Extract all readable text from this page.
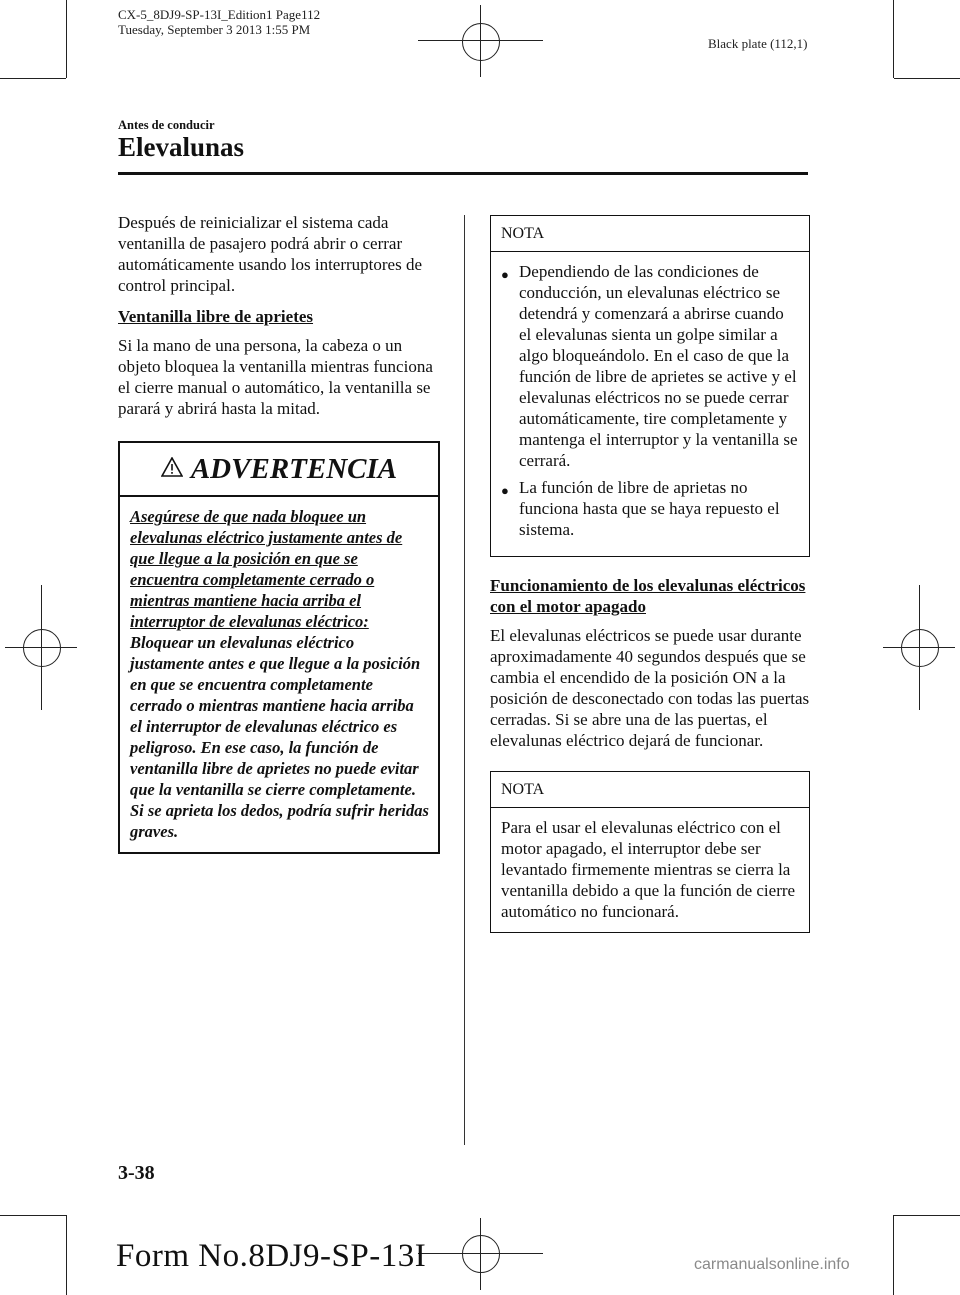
CX-5_8DJ9-SP-13I_Edition1 Page112
Tuesday, September 3 2013 1:55 PM
Black plate (112,1)
Antes de conducir
Elevalunas

Después de reinicializar el sistema cada ventanilla de pasajero podrá abrir o cerrar automáticamente usando los interruptores de control principal.

Ventanilla libre de aprietes

Si la mano de una persona, la cabeza o un objeto bloquea la ventanilla mientras funciona el cierre manual o automático, la ventanilla se parará y abrirá hasta la mitad.

ADVERTENCIA
Asegúrese de que nada bloquee un elevalunas eléctrico justamente antes de que llegue a la posición en que se encuentra completamente cerrado o mientras mantiene hacia arriba el interruptor de elevalunas eléctrico:
Bloquear un elevalunas eléctrico justamente antes e que llegue a la posición en que se encuentra completamente cerrado o mientras mantiene hacia arriba el interruptor de elevalunas eléctrico es peligroso. En ese caso, la función de ventanilla libre de aprietes no puede evitar que la ventanilla se cierre completamente. Si se aprieta los dedos, podría sufrir heridas graves.
NOTA
● Dependiendo de las condiciones de conducción, un elevalunas eléctrico se detendrá y comenzará a abrirse cuando el elevalunas sienta un golpe similar a algo bloqueándolo. En el caso de que la función de libre de aprietes se active y el elevalunas eléctricos no se puede cerrar automáticamente, tire completamente y mantenga el interruptor y la ventanilla se cerrará.
● La función de libre de aprietas no funciona hasta que se haya repuesto el sistema.
Funcionamiento de los elevalunas eléctricos con el motor apagado

El elevalunas eléctricos se puede usar durante aproximadamente 40 segundos después que se cambia el encendido de la posición ON a la posición de desconectado con todas las puertas cerradas. Si se abre una de las puertas, el elevalunas eléctrico dejará de funcionar.

NOTA
Para el usar el elevalunas eléctrico con el motor apagado, el interruptor debe ser levantado firmemente mientras se cierra la ventanilla debido a que la función de cierre automático no funcionará.
3-38
Form No.8DJ9-SP-13I	carmanualsonline.info
